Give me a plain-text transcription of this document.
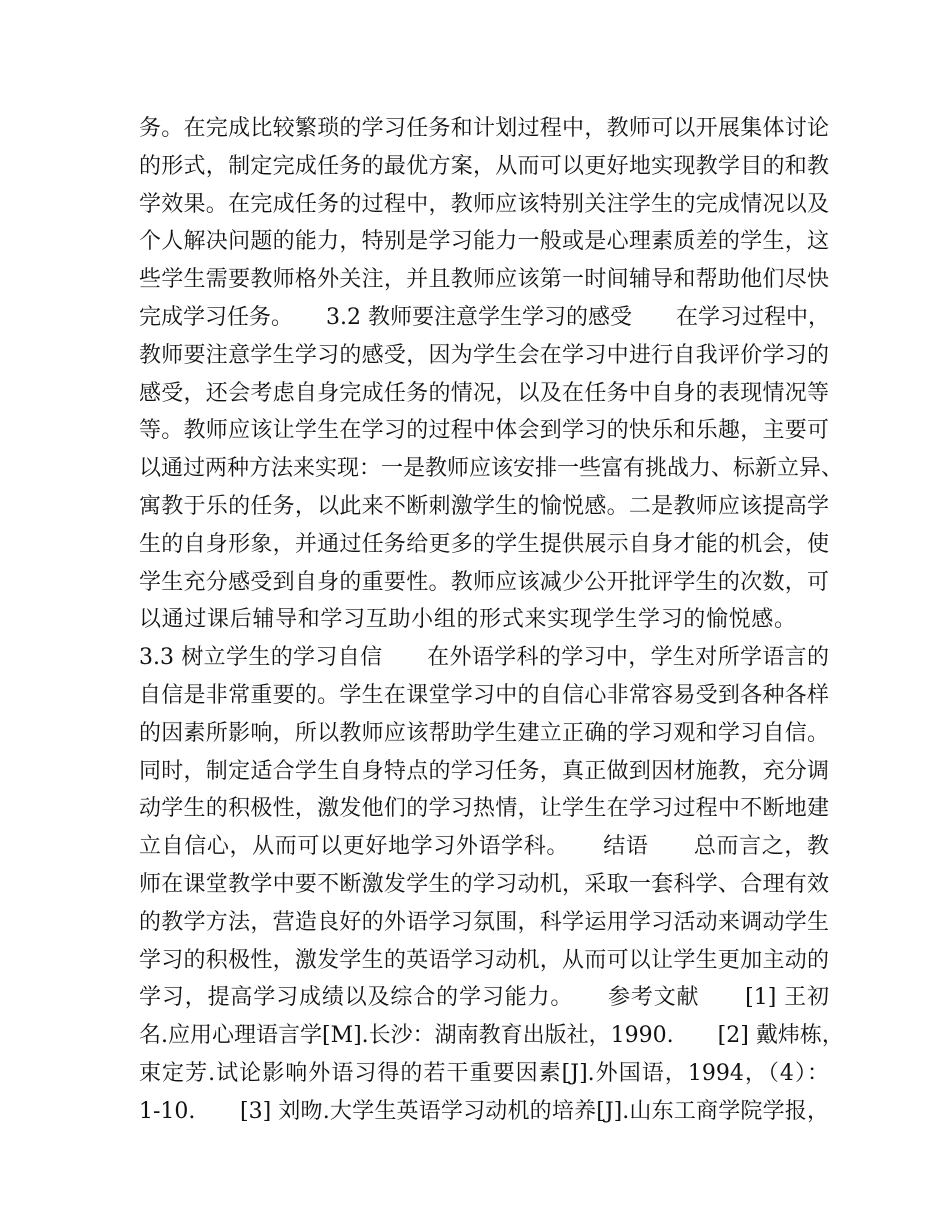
务。在完成比较繁琐的学习任务和计划过程中，教师可以开展集体讨论
的形式，制定完成任务的最优方案，从而可以更好地实现教学目的和教
学效果。在完成任务的过程中，教师应该特别关注学生的完成情况以及
个人解决问题的能力，特别是学习能力一般或是心理素质差的学生，这
些学生需要教师格外关注，并且教师应该第一时间辅导和帮助他们尽快
完成学习任务。　　3.2 教师要注意学生学习的感受　　在学习过程中，
教师要注意学生学习的感受，因为学生会在学习中进行自我评价学习的
感受，还会考虑自身完成任务的情况，以及在任务中自身的表现情况等
等。教师应该让学生在学习的过程中体会到学习的快乐和乐趣，主要可
以通过两种方法来实现：一是教师应该安排一些富有挑战力、标新立异、
寓教于乐的任务，以此来不断刺激学生的愉悦感。二是教师应该提高学
生的自身形象，并通过任务给更多的学生提供展示自身才能的机会，使
学生充分感受到自身的重要性。教师应该减少公开批评学生的次数，可
以通过课后辅导和学习互助小组的形式来实现学生学习的愉悦感。　　
3.3 树立学生的学习自信　　在外语学科的学习中，学生对所学语言的
自信是非常重要的。学生在课堂学习中的自信心非常容易受到各种各样
的因素所影响，所以教师应该帮助学生建立正确的学习观和学习自信。
同时，制定适合学生自身特点的学习任务，真正做到因材施教，充分调
动学生的积极性，激发他们的学习热情，让学生在学习过程中不断地建
立自信心，从而可以更好地学习外语学科。　　结语　　总而言之，教
师在课堂教学中要不断激发学生的学习动机，采取一套科学、合理有效
的教学方法，营造良好的外语学习氛围，科学运用学习活动来调动学生
学习的积极性，激发学生的英语学习动机，从而可以让学生更加主动的
学习，提高学习成绩以及综合的学习能力。　　参考文献　　[1] 王初
名.应用心理语言学[M].长沙：湖南教育出版社，1990.　　[2] 戴炜栋，
束定芳.试论影响外语习得的若干重要因素[J].外国语，1994，（4）：
1-10.　　[3] 刘昒.大学生英语学习动机的培养[J].山东工商学院学报，
